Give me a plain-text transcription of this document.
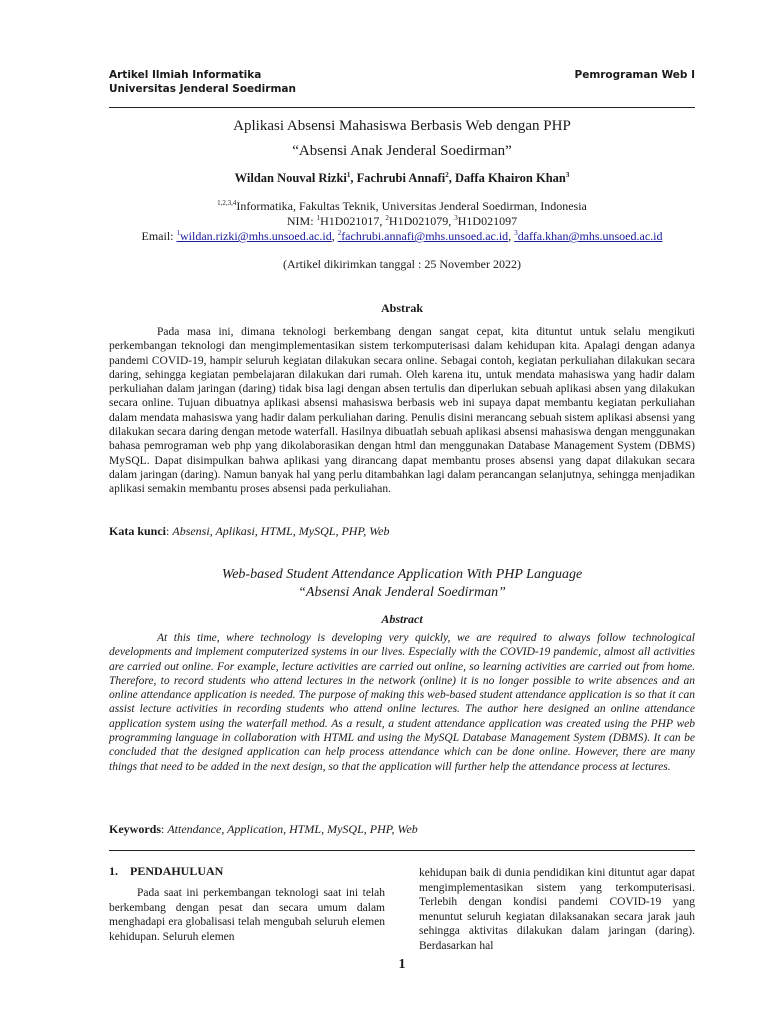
Artikel Ilmiah Informatika
Universitas Jenderal Soedirman
Pemrograman Web I
Aplikasi Absensi Mahasiswa Berbasis Web dengan PHP
“Absensi Anak Jenderal Soedirman”
Wildan Nouval Rizki$^1$, Fachrubi Annafi$^2$, Daffa Khairon Khan$^3$
$^{1,2,3,4}$Informatika, Fakultas Teknik, Universitas Jenderal Soedirman, Indonesia
NIM: $^1$H1D021017, $^2$H1D021079, $^3$H1D021097
Email: $^1$wildan.rizki@mhs.unsoed.ac.id, $^2$fachrubi.annafi@mhs.unsoed.ac.id, $^3$daffa.khan@mhs.unsoed.ac.id
(Artikel dikirimkan tanggal : 25 November 2022)
Abstrak
Pada masa ini, dimana teknologi berkembang dengan sangat cepat, kita dituntut untuk selalu mengikuti perkembangan teknologi dan mengimplementasikan sistem terkomputerisasi dalam kehidupan kita. Apalagi dengan adanya pandemi COVID-19, hampir seluruh kegiatan dilakukan secara online. Sebagai contoh, kegiatan perkuliahan dilakukan secara daring, sehingga kegiatan pembelajaran dilakukan dari rumah. Oleh karena itu, untuk mendata mahasiswa yang hadir dalam perkuliahan dalam jaringan (daring) tidak bisa lagi dengan absen tertulis dan diperlukan sebuah aplikasi absen yang dilakukan secara online. Tujuan dibuatnya aplikasi absensi mahasiswa berbasis web ini supaya dapat membantu kegiatan perkuliahan dalam mendata mahasiswa yang hadir dalam perkuliahan daring. Penulis disini merancang sebuah sistem aplikasi absensi yang dilakukan secara daring dengan metode waterfall. Hasilnya dibuatlah sebuah aplikasi absensi mahasiswa dengan menggunakan bahasa pemrograman web php yang dikolaborasikan dengan html dan menggunakan Database Management System (DBMS) MySQL. Dapat disimpulkan bahwa aplikasi yang dirancang dapat membantu proses absensi yang dapat dilakukan secara dalam jaringan (daring). Namun banyak hal yang perlu ditambahkan lagi dalam perancangan selanjutnya, sehingga menjadikan aplikasi semakin membantu proses absensi pada perkuliahan.
Kata kunci: Absensi, Aplikasi, HTML, MySQL, PHP, Web
Web-based Student Attendance Application With PHP Language
“Absensi Anak Jenderal Soedirman”
Abstract
At this time, where technology is developing very quickly, we are required to always follow technological developments and implement computerized systems in our lives. Especially with the COVID-19 pandemic, almost all activities are carried out online. For example, lecture activities are carried out online, so learning activities are carried out from home. Therefore, to record students who attend lectures in the network (online) it is no longer possible to write absences and an online attendance application is needed. The purpose of making this web-based student attendance application is so that it can assist lecture activities in recording students who attend online lectures. The author here designed an online attendance application system using the waterfall method. As a result, a student attendance application was created using the PHP web programming language in collaboration with HTML and using the MySQL Database Management System (DBMS). It can be concluded that the designed application can help process attendance which can be done online. However, there are many things that need to be added in the next design, so that the application will further help the attendance process at lectures.
Keywords: Attendance, Application, HTML, MySQL, PHP, Web
1.    PENDAHULUAN
Pada saat ini perkembangan teknologi saat ini telah berkembang dengan pesat dan secara umum dalam menghadapi era globalisasi telah mengubah seluruh elemen kehidupan. Seluruh elemen
kehidupan baik di dunia pendidikan kini dituntut agar dapat mengimplementasikan sistem yang terkomputerisasi. Terlebih dengan kondisi pandemi COVID-19 yang menuntut seluruh kegiatan dilaksanakan secara jarak jauh sehingga aktivitas dilakukan dalam jaringan (daring). Berdasarkan hal
1
